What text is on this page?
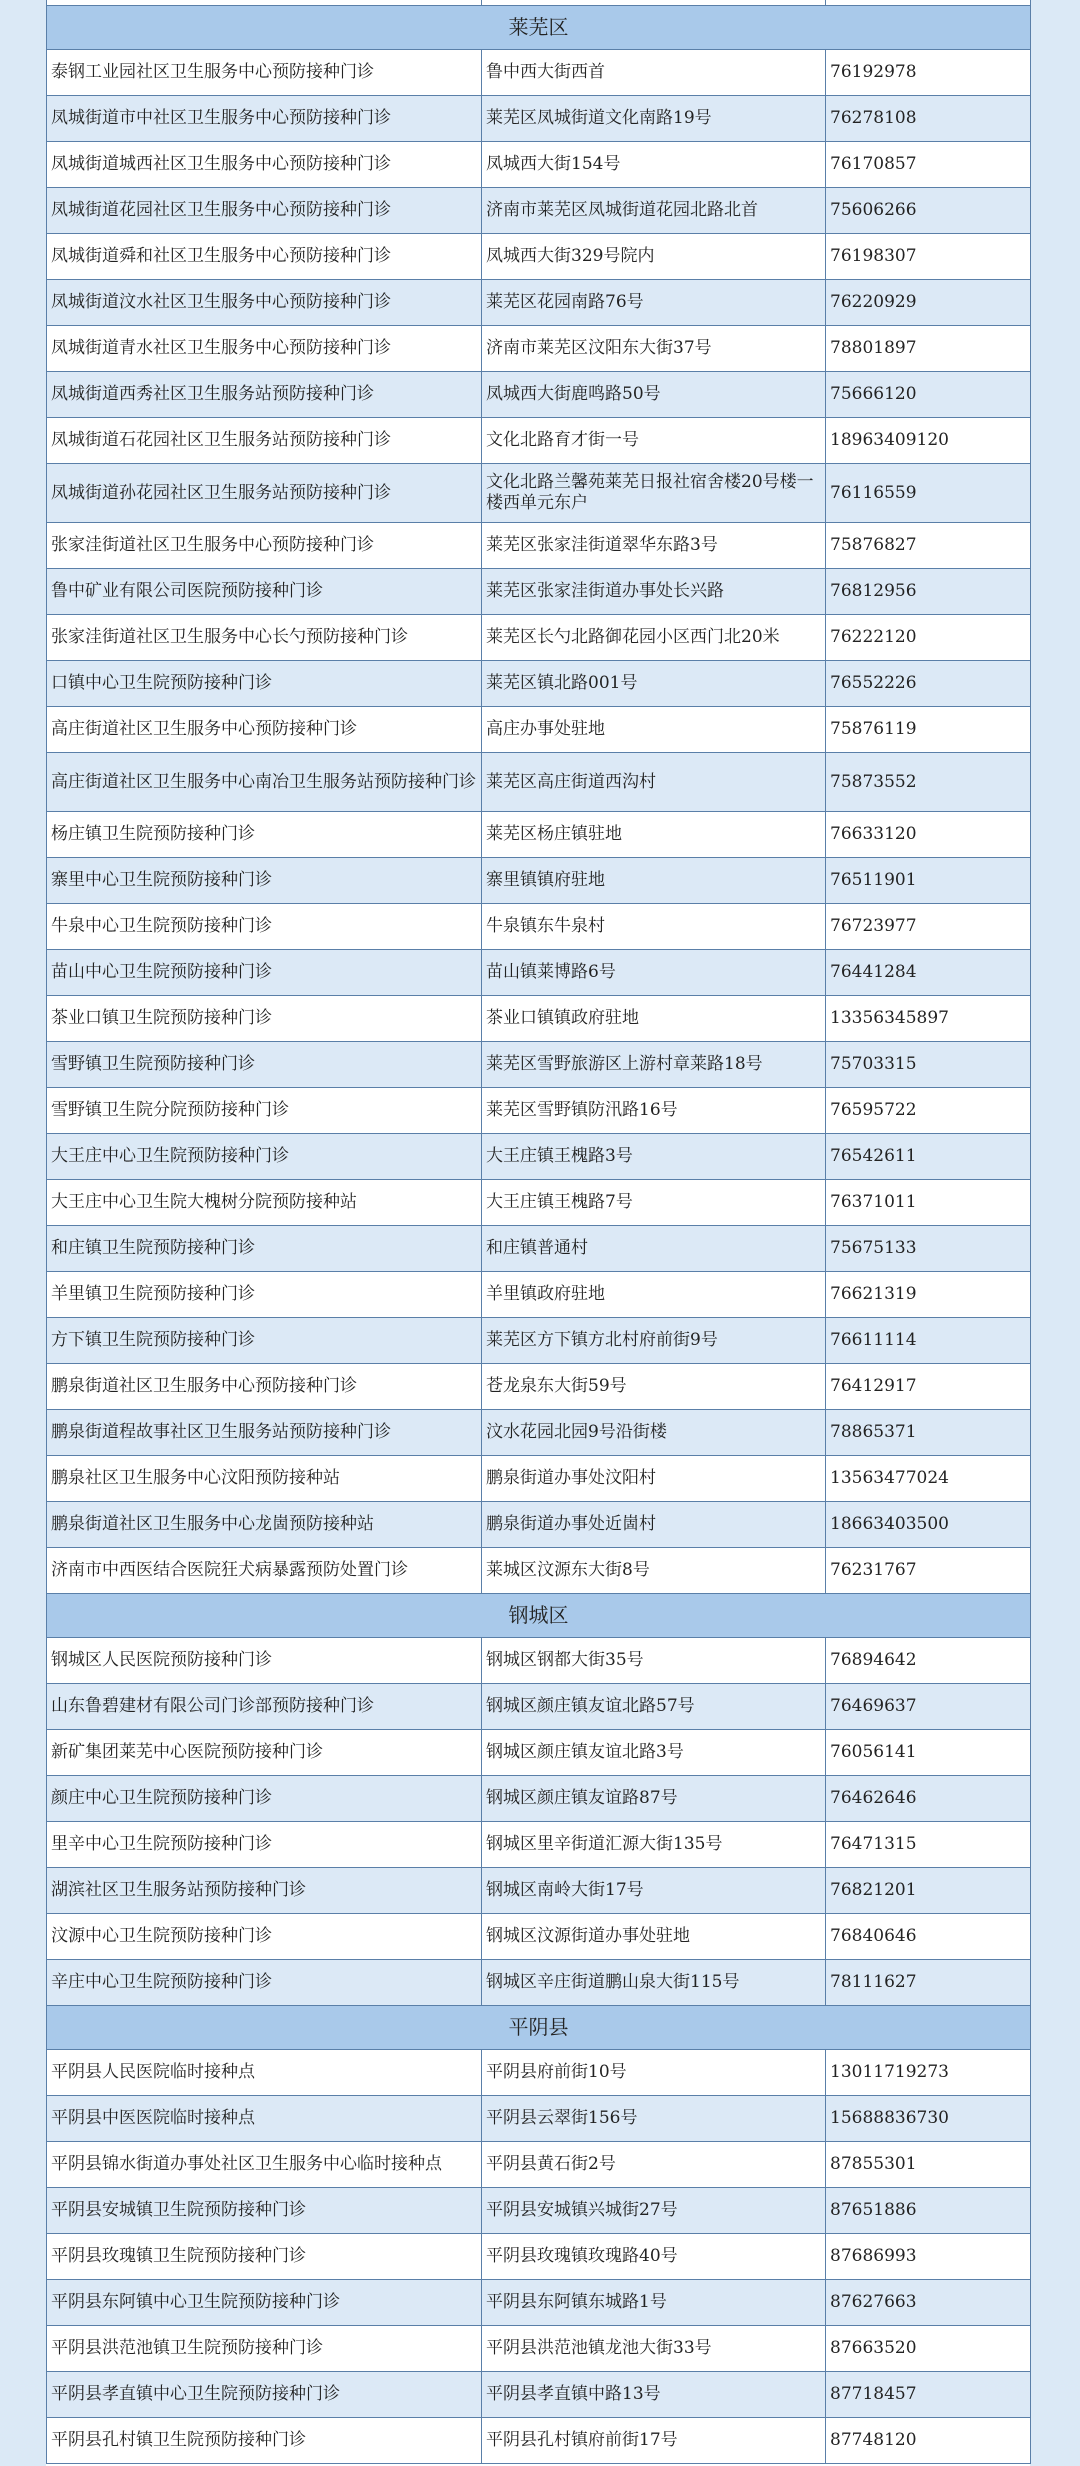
莱芜区		
泰钢工业园社区卫生服务中心预防接种门诊	鲁中西大街西首	76192978
凤城街道市中社区卫生服务中心预防接种门诊	莱芜区凤城街道文化南路19号	76278108
凤城街道城西社区卫生服务中心预防接种门诊	凤城西大街154号	76170857
凤城街道花园社区卫生服务中心预防接种门诊	济南市莱芜区凤城街道花园北路北首	75606266
凤城街道舜和社区卫生服务中心预防接种门诊	凤城西大街329号院内	76198307
凤城街道汶水社区卫生服务中心预防接种门诊	莱芜区花园南路76号	76220929
凤城街道青水社区卫生服务中心预防接种门诊	济南市莱芜区汶阳东大街37号	78801897
凤城街道西秀社区卫生服务站预防接种门诊	凤城西大街鹿鸣路50号	75666120
凤城街道石花园社区卫生服务站预防接种门诊	文化北路育才街一号	18963409120
凤城街道孙花园社区卫生服务站预防接种门诊	文化北路兰馨苑莱芜日报社宿舍楼20号楼一楼西单元东户	76116559
张家洼街道社区卫生服务中心预防接种门诊	莱芜区张家洼街道翠华东路3号	75876827
鲁中矿业有限公司医院预防接种门诊	莱芜区张家洼街道办事处长兴路	76812956
张家洼街道社区卫生服务中心长勺预防接种门诊	莱芜区长勺北路御花园小区西门北20米	76222120
口镇中心卫生院预防接种门诊	莱芜区镇北路001号	76552226
高庄街道社区卫生服务中心预防接种门诊	高庄办事处驻地	75876119
高庄街道社区卫生服务中心南冶卫生服务站预防接种门诊	莱芜区高庄街道西沟村	75873552
杨庄镇卫生院预防接种门诊	莱芜区杨庄镇驻地	76633120
寨里中心卫生院预防接种门诊	寨里镇镇府驻地	76511901
牛泉中心卫生院预防接种门诊	牛泉镇东牛泉村	76723977
苗山中心卫生院预防接种门诊	苗山镇莱博路6号	76441284
茶业口镇卫生院预防接种门诊	茶业口镇镇政府驻地	13356345897
雪野镇卫生院预防接种门诊	莱芜区雪野旅游区上游村章莱路18号	75703315
雪野镇卫生院分院预防接种门诊	莱芜区雪野镇防汛路16号	76595722
大王庄中心卫生院预防接种门诊	大王庄镇王槐路3号	76542611
大王庄中心卫生院大槐树分院预防接种站	大王庄镇王槐路7号	76371011
和庄镇卫生院预防接种门诊	和庄镇普通村	75675133
羊里镇卫生院预防接种门诊	羊里镇政府驻地	76621319
方下镇卫生院预防接种门诊	莱芜区方下镇方北村府前街9号	76611114
鹏泉街道社区卫生服务中心预防接种门诊	苍龙泉东大街59号	76412917
鹏泉街道程故事社区卫生服务站预防接种门诊	汶水花园北园9号沿街楼	78865371
鹏泉社区卫生服务中心汶阳预防接种站	鹏泉街道办事处汶阳村	13563477024
鹏泉街道社区卫生服务中心龙崮预防接种站	鹏泉街道办事处近崮村	18663403500
济南市中西医结合医院狂犬病暴露预防处置门诊	莱城区汶源东大街8号	76231767
钢城区		
钢城区人民医院预防接种门诊	钢城区钢都大街35号	76894642
山东鲁碧建材有限公司门诊部预防接种门诊	钢城区颜庄镇友谊北路57号	76469637
新矿集团莱芜中心医院预防接种门诊	钢城区颜庄镇友谊北路3号	76056141
颜庄中心卫生院预防接种门诊	钢城区颜庄镇友谊路87号	76462646
里辛中心卫生院预防接种门诊	钢城区里辛街道汇源大街135号	76471315
湖滨社区卫生服务站预防接种门诊	钢城区南岭大街17号	76821201
汶源中心卫生院预防接种门诊	钢城区汶源街道办事处驻地	76840646
辛庄中心卫生院预防接种门诊	钢城区辛庄街道鹏山泉大街115号	78111627
平阴县		
平阴县人民医院临时接种点	平阴县府前街10号	13011719273
平阴县中医医院临时接种点	平阴县云翠街156号	15688836730
平阴县锦水街道办事处社区卫生服务中心临时接种点	平阴县黄石街2号	87855301
平阴县安城镇卫生院预防接种门诊	平阴县安城镇兴城街27号	87651886
平阴县玫瑰镇卫生院预防接种门诊	平阴县玫瑰镇玫瑰路40号	87686993
平阴县东阿镇中心卫生院预防接种门诊	平阴县东阿镇东城路1号	87627663
平阴县洪范池镇卫生院预防接种门诊	平阴县洪范池镇龙池大街33号	87663520
平阴县孝直镇中心卫生院预防接种门诊	平阴县孝直镇中路13号	87718457
平阴县孔村镇卫生院预防接种门诊	平阴县孔村镇府前街17号	87748120
